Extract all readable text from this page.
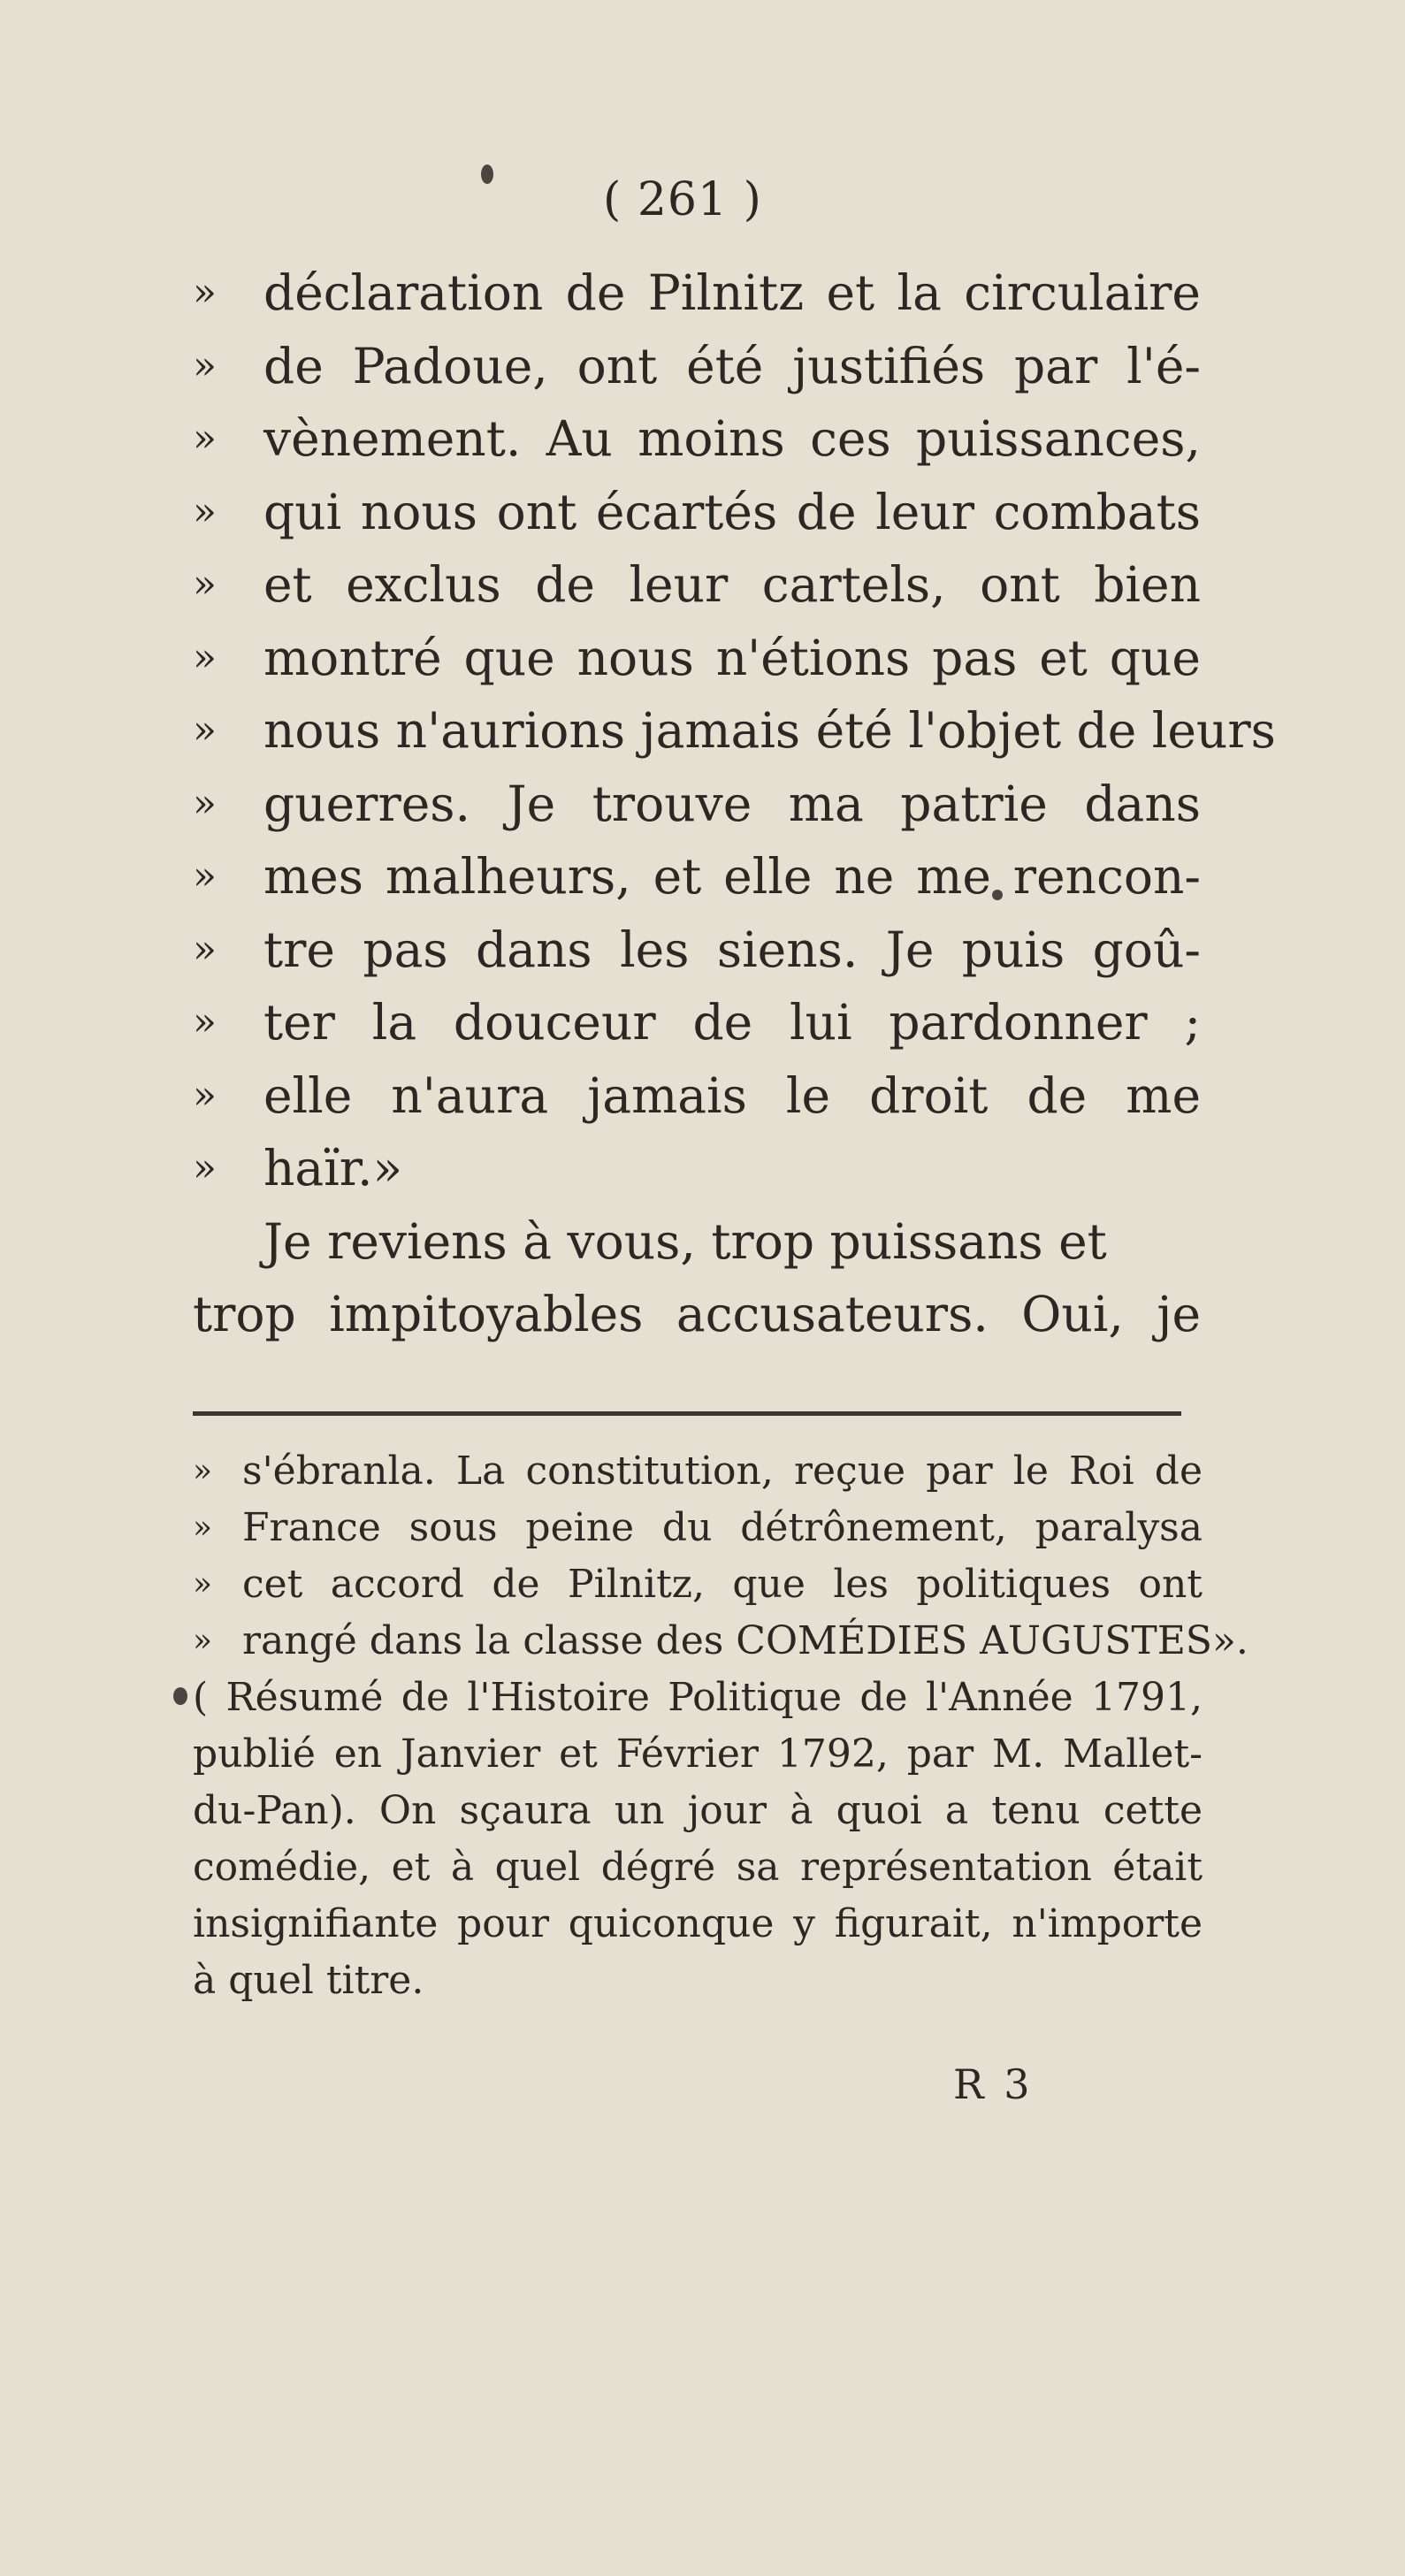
( 261 )
» déclaration de Pilnitz et la circulaire
» de Padoue, ont été justifiés par l'é-
» vènement. Au moins ces puissances,
» qui nous ont écartés de leur combats
» et exclus de leur cartels, ont bien
» montré que nous n'étions pas et que
» nous n'aurions jamais été l'objet de leurs
» guerres. Je trouve ma patrie dans
» mes malheurs, et elle ne me rencon-
» tre pas dans les siens. Je puis goû-
» ter la douceur de lui pardonner ;
» elle n'aura jamais le droit de me
» haïr.»
Je reviens à vous, trop puissans et
trop impitoyables accusateurs. Oui, je
» s'ébranla. La constitution, reçue par le Roi de
» France sous peine du détrônement, paralysa
» cet accord de Pilnitz, que les politiques ont
» rangé dans la classe des COMÉDIES AUGUSTES».
( Résumé de l'Histoire Politique de l'Année 1791,
publié en Janvier et Février 1792, par M. Mallet-
du-Pan). On sçaura un jour à quoi a tenu cette
comédie, et à quel dégré sa représentation était
insignifiante pour quiconque y figurait, n'importe
à quel titre.
R 3
